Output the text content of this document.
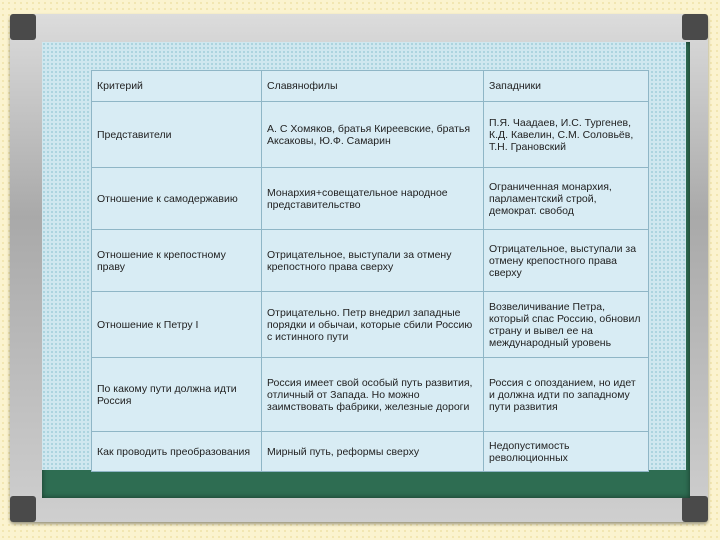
Критерий	Славянофилы	Западники
Представители	А. С Хомяков, братья Киреевские, братья Аксаковы, Ю.Ф. Самарин	П.Я. Чаадаев, И.С. Тургенев, К.Д. Кавелин, С.М. Соловьёв, Т.Н. Грановский
Отношение к самодержавию	Монархия+совещательное народное представительство	Ограниченная монархия, парламентский строй, демократ. свобод
Отношение к крепостному праву	Отрицательное, выступали за отмену крепостного права сверху	Отрицательное, выступали за отмену крепостного права сверху
Отношение к Петру I	Отрицательно. Петр внедрил западные порядки и обычаи, которые сбили Россию с истинного пути	Возвеличивание Петра, который спас Россию, обновил страну и вывел ее на международный уровень
По какому пути должна идти Россия	Россия имеет свой особый путь развития, отличный от Запада. Но можно заимствовать фабрики, железные дороги	Россия с опозданием, но идет и должна идти по западному пути развития
Как проводить преобразования	Мирный путь, реформы сверху	Недопустимость революционных
